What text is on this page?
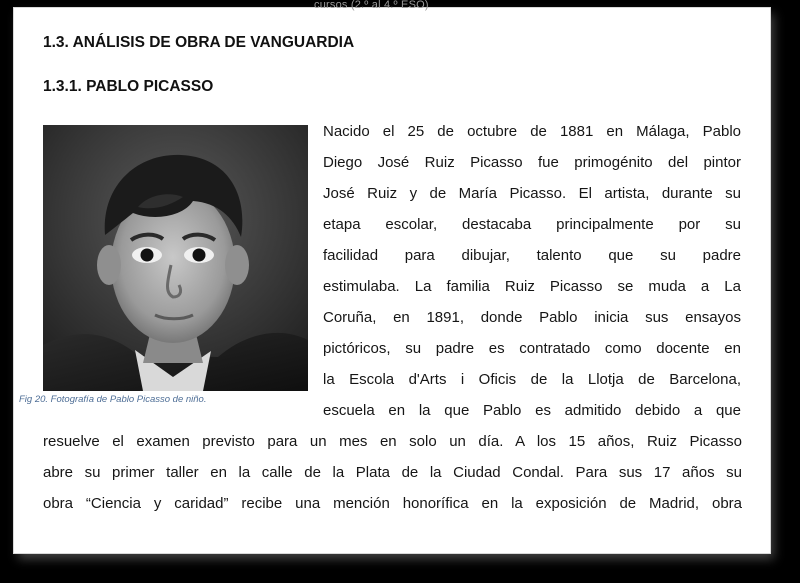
cursos (2.º al 4.º ESO)
1.3. ANÁLISIS DE OBRA DE VANGUARDIA
1.3.1. PABLO PICASSO
Fig 20. Fotografía de Pablo Picasso de niño.
Nacido el 25 de octubre de 1881 en Málaga, Pablo
Diego José Ruiz Picasso fue primogénito del pintor
José Ruiz y de María Picasso. El artista, durante su
etapa escolar, destacaba principalmente por su
facilidad para dibujar, talento que su padre
estimulaba. La familia Ruiz Picasso se muda a La
Coruña, en 1891, donde Pablo inicia sus ensayos
pictóricos, su padre es contratado como docente en
la Escola d'Arts i Oficis de la Llotja de Barcelona,
escuela en la que Pablo es admitido debido a que
resuelve el examen previsto para un mes en solo un día. A los 15 años, Ruiz Picasso
abre su primer taller en la calle de la Plata de la Ciudad Condal. Para sus 17 años su
obra “Ciencia y caridad” recibe una mención honorífica en la exposición de Madrid, obra
